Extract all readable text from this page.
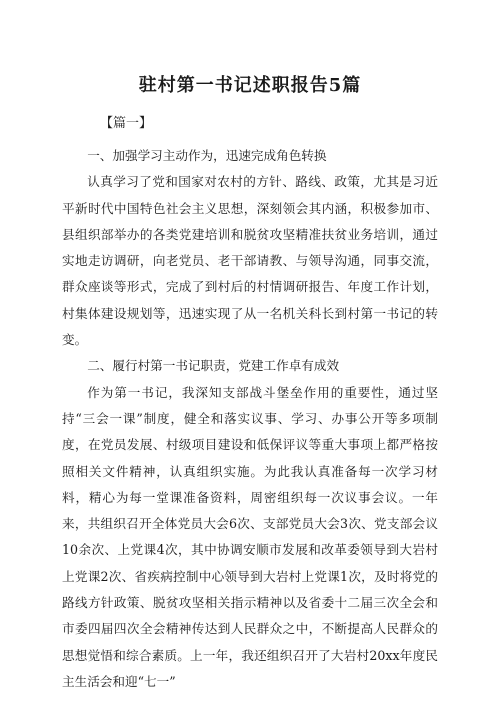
驻村第一书记述职报告5篇
【篇一】

一、加强学习主动作为，迅速完成角色转换

认真学习了党和国家对农村的方针、路线、政策，尤其是习近平新时代中国特色社会主义思想，深刻领会其内涵，积极参加市、县组织部举办的各类党建培训和脱贫攻坚精准扶贫业务培训，通过实地走访调研，向老党员、老干部请教、与领导沟通，同事交流，群众座谈等形式，完成了到村后的村情调研报告、年度工作计划，村集体建设规划等，迅速实现了从一名机关科长到村第一书记的转变。

二、履行村第一书记职责，党建工作卓有成效

作为第一书记，我深知支部战斗堡垒作用的重要性，通过坚持“三会一课”制度，健全和落实议事、学习、办事公开等多项制度，在党员发展、村级项目建设和低保评议等重大事项上都严格按照相关文件精神，认真组织实施。为此我认真准备每一次学习材料，精心为每一堂课准备资料，周密组织每一次议事会议。一年来，共组织召开全体党员大会6次、支部党员大会3次、党支部会议10余次、上党课4次，其中协调安顺市发展和改革委领导到大岩村上党课2次、省疾病控制中心领导到大岩村上党课1次，及时将党的路线方针政策、脱贫攻坚相关指示精神以及省委十二届三次全会和市委四届四次全会精神传达到人民群众之中，不断提高人民群众的思想觉悟和综合素质。上一年，我还组织召开了大岩村20xx年度民主生活会和迎“七一”
